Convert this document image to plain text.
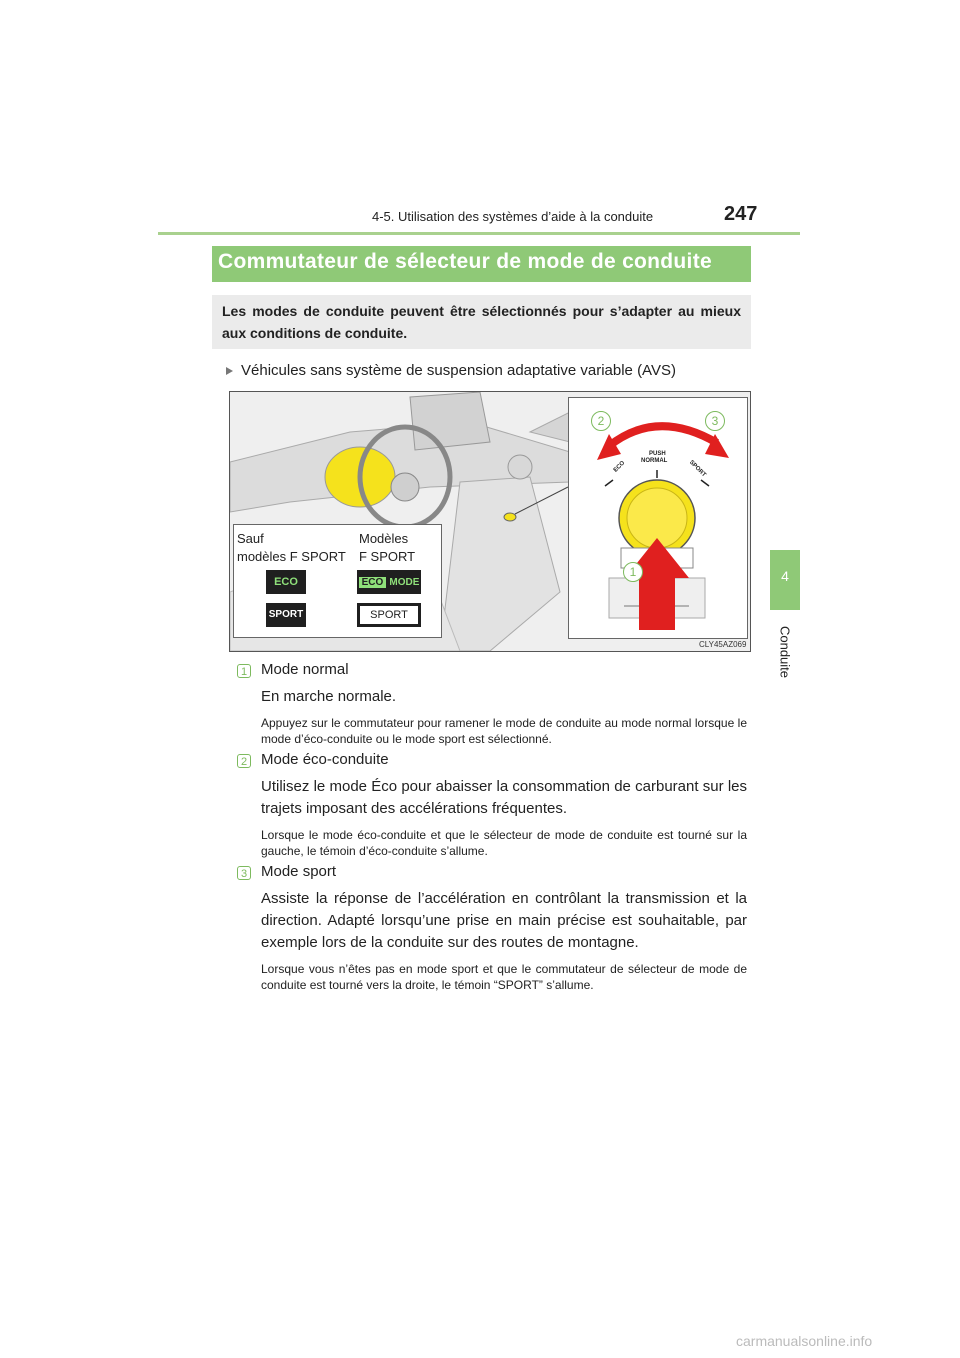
4-5. Utilisation des systèmes d’aide à la conduite	247
4
Conduite
Commutateur de sélecteur de mode de conduite
Les modes de conduite peuvent être sélectionnés pour s’adapter au mieux aux conditions de conduite.
Véhicules sans système de suspension adaptative variable (AVS)
Sauf
modèles F SPORT
Modèles
F SPORT
ECO	ECO MODE
SPORT	SPORT
PUSH
NORMAL
ECO	SPORT
2	3
1
CLY45AZ069
1 Mode normal
En marche normale.
Appuyez sur le commutateur pour ramener le mode de conduite au mode normal lorsque le mode d’éco-conduite ou le mode sport est sélectionné.
2 Mode éco-conduite
Utilisez le mode Éco pour abaisser la consommation de carburant sur les trajets imposant des accélérations fréquentes.
Lorsque le mode éco-conduite et que le sélecteur de mode de conduite est tourné sur la gauche, le témoin d’éco-conduite s’allume.
3 Mode sport
Assiste la réponse de l’accélération en contrôlant la transmission et la direction. Adapté lorsqu’une prise en main précise est souhaitable, par exemple lors de la conduite sur des routes de montagne.
Lorsque vous n’êtes pas en mode sport et que le commutateur de sélecteur de mode de conduite est tourné vers la droite, le témoin “SPORT” s’allume.
carmanualsonline.info
